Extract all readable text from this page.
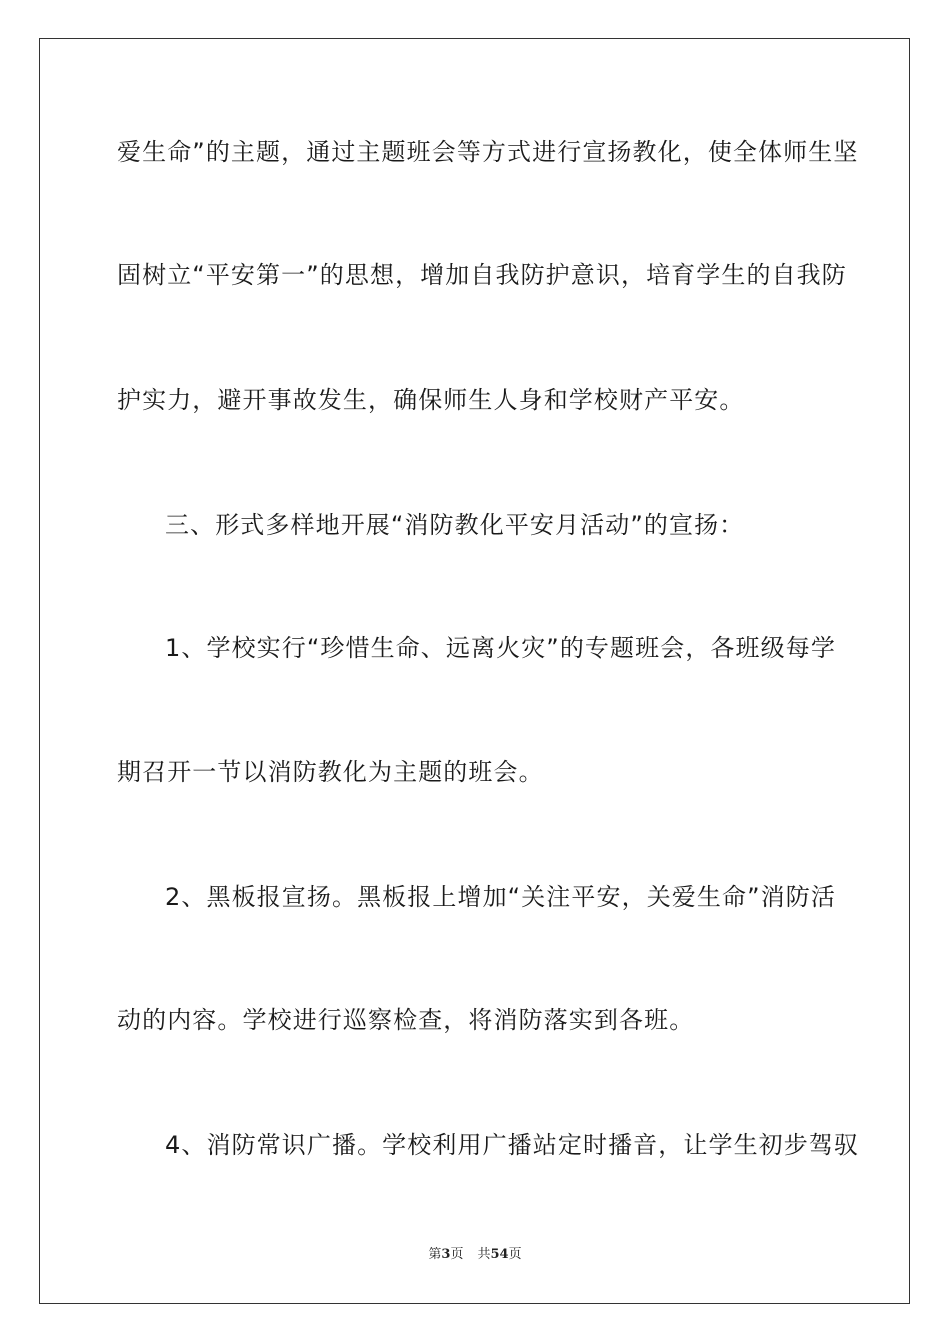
爱生命”的主题，通过主题班会等方式进行宣扬教化，使全体师生坚
固树立“平安第一”的思想，增加自我防护意识，培育学生的自我防
护实力，避开事故发生，确保师生人身和学校财产平安。
三、形式多样地开展“消防教化平安月活动”的宣扬：
1、学校实行“珍惜生命、远离火灾”的专题班会，各班级每学
期召开一节以消防教化为主题的班会。
2、黑板报宣扬。黑板报上增加“关注平安，关爱生命”消防活
动的内容。学校进行巡察检查，将消防落实到各班。
4、消防常识广播。学校利用广播站定时播音，让学生初步驾驭
第3页 共54页
